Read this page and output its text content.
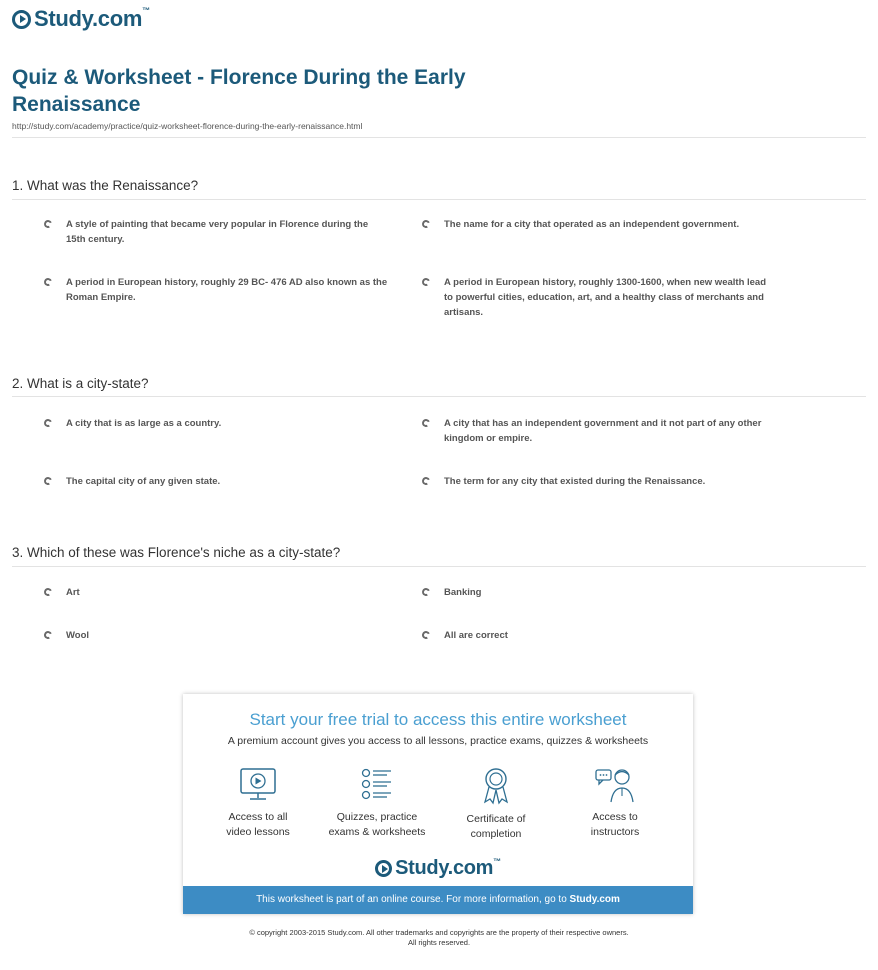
Study.com™
Quiz & Worksheet - Florence During the Early Renaissance
http://study.com/academy/practice/quiz-worksheet-florence-during-the-early-renaissance.html
1. What was the Renaissance?
A style of painting that became very popular in Florence during the 15th century.
The name for a city that operated as an independent government.
A period in European history, roughly 29 BC- 476 AD also known as the Roman Empire.
A period in European history, roughly 1300-1600, when new wealth lead to powerful cities, education, art, and a healthy class of merchants and artisans.
2. What is a city-state?
A city that is as large as a country.	A city that has an independent government and it not part of any other kingdom or empire.
The capital city of any given state.	The term for any city that existed during the Renaissance.
3. Which of these was Florence's niche as a city-state?
Art	Banking
Wool	All are correct
Start your free trial to access this entire worksheet
A premium account gives you access to all lessons, practice exams, quizzes & worksheets
Access to all
video lessons
Quizzes, practice
exams & worksheets
Certificate of
completion
Access to
instructors
Study.com™
This worksheet is part of an online course. For more information, go to Study.com
© copyright 2003-2015 Study.com. All other trademarks and copyrights are the property of their respective owners.
All rights reserved.
